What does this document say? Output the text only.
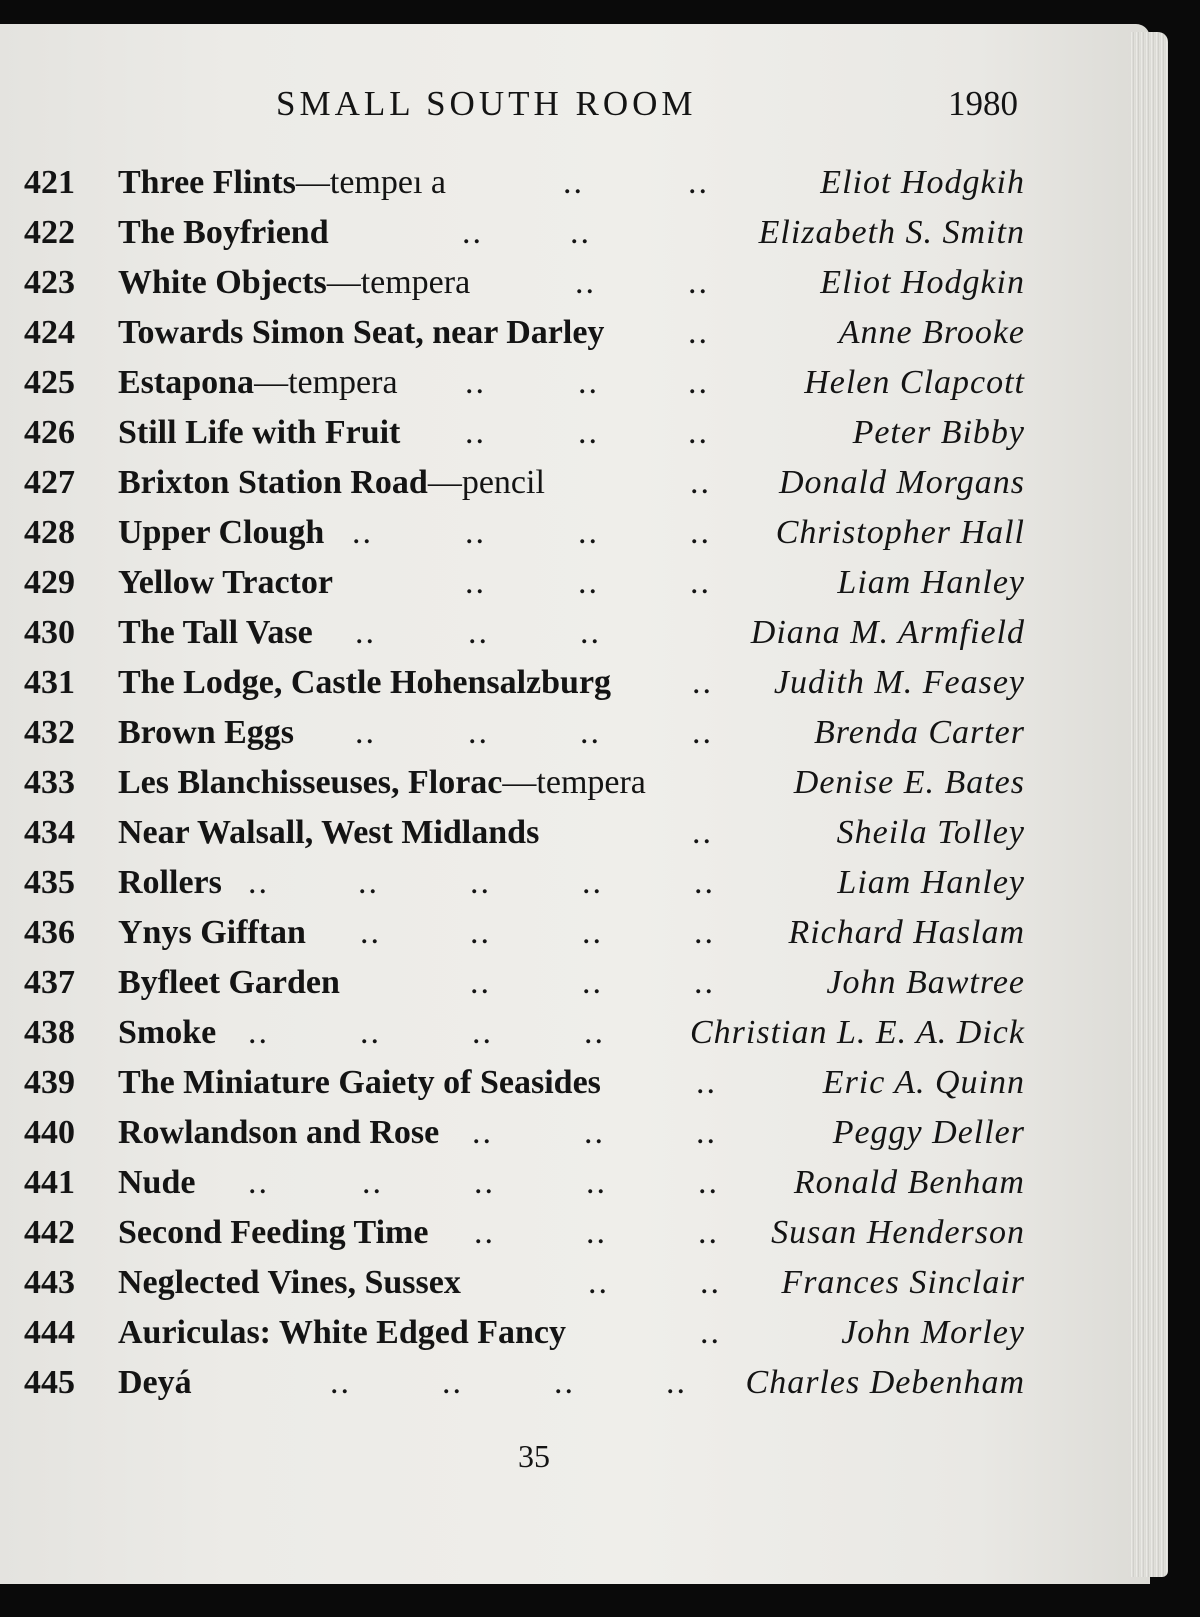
SMALL SOUTH ROOM	1980
421 Three Flints—tempeı a	..	..	Eliot Hodgkih
422 The Boyfriend	..	..	Elizabeth S. Smitn
423 White Objects—tempera	..	..	Eliot Hodgkin
424 Towards Simon Seat, near Darley ..	Anne Brooke
425 Estapona—tempera ..	..	..	Helen Clapcott
426 Still Life with Fruit ..	..	..	Peter Bibby
427 Brixton Station Road—pencil	.. Donald Morgans
428 Upper Clough ..	..	..	.. Christopher Hall
429 Yellow Tractor	..	..	..	Liam Hanley
430 The Tall Vase ..	..	..	Diana M. Armfield
431 The Lodge, Castle Hohensalzburg .. Judith M. Feasey
432 Brown Eggs ..	..	..	..	Brenda Carter
433 Les Blanchisseuses, Florac—tempera	Denise E. Bates
434 Near Walsall, West Midlands	..	Sheila Tolley
435 Rollers ..	..	..	..	..	Liam Hanley
436 Ynys Gifftan ..	..	..	.. Richard Haslam
437 Byfleet Garden	..	..	..	John Bawtree
438 Smoke ..	..	..	..	Christian L. E. A. Dick
439 The Miniature Gaiety of Seasides	..	Eric A. Quinn
440 Rowlandson and Rose ..	..	..	Peggy Deller
441 Nude ..	..	..	..	.. Ronald Benham
442 Second Feeding Time ..	..	.. Susan Henderson
443 Neglected Vines, Sussex	..	.. Frances Sinclair
444 Auriculas: White Edged Fancy	..	John Morley
445 Deyá	..	..	..	.. Charles Debenham
35
